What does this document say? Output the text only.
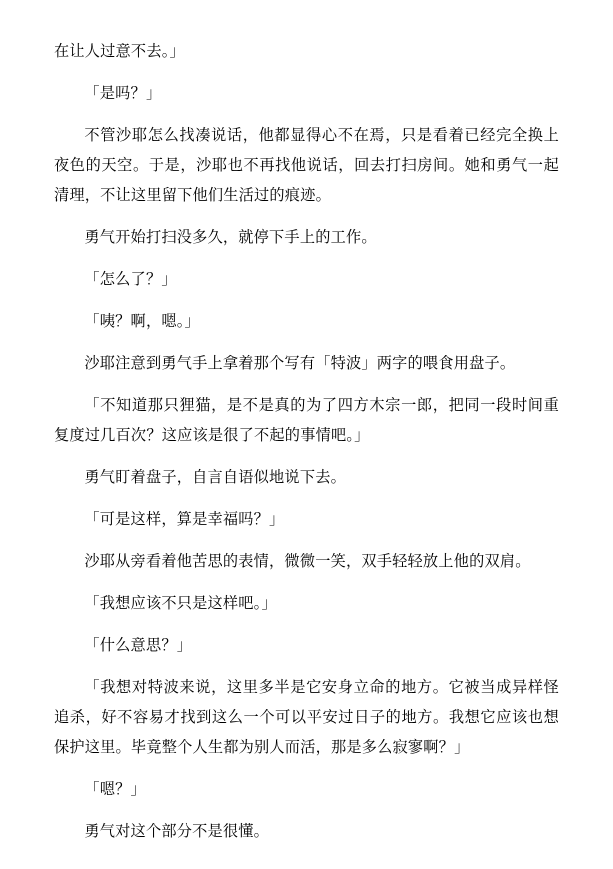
在让人过意不去。」

「是吗？」

不管沙耶怎么找凑说话，他都显得心不在焉，只是看着已经完全换上夜色的天空。于是，沙耶也不再找他说话，回去打扫房间。她和勇气一起清理，不让这里留下他们生活过的痕迹。

勇气开始打扫没多久，就停下手上的工作。

「怎么了？」

「咦？啊，嗯。」

沙耶注意到勇气手上拿着那个写有「特波」两字的喂食用盘子。

「不知道那只狸猫，是不是真的为了四方木宗一郎，把同一段时间重复度过几百次？这应该是很了不起的事情吧。」

勇气盯着盘子，自言自语似地说下去。

「可是这样，算是幸福吗？」

沙耶从旁看着他苦思的表情，微微一笑，双手轻轻放上他的双肩。

「我想应该不只是这样吧。」

「什么意思？」

「我想对特波来说，这里多半是它安身立命的地方。它被当成异样怪追杀，好不容易才找到这么一个可以平安过日子的地方。我想它应该也想保护这里。毕竟整个人生都为别人而活，那是多么寂寥啊？」

「嗯？」

勇气对这个部分不是很懂。
